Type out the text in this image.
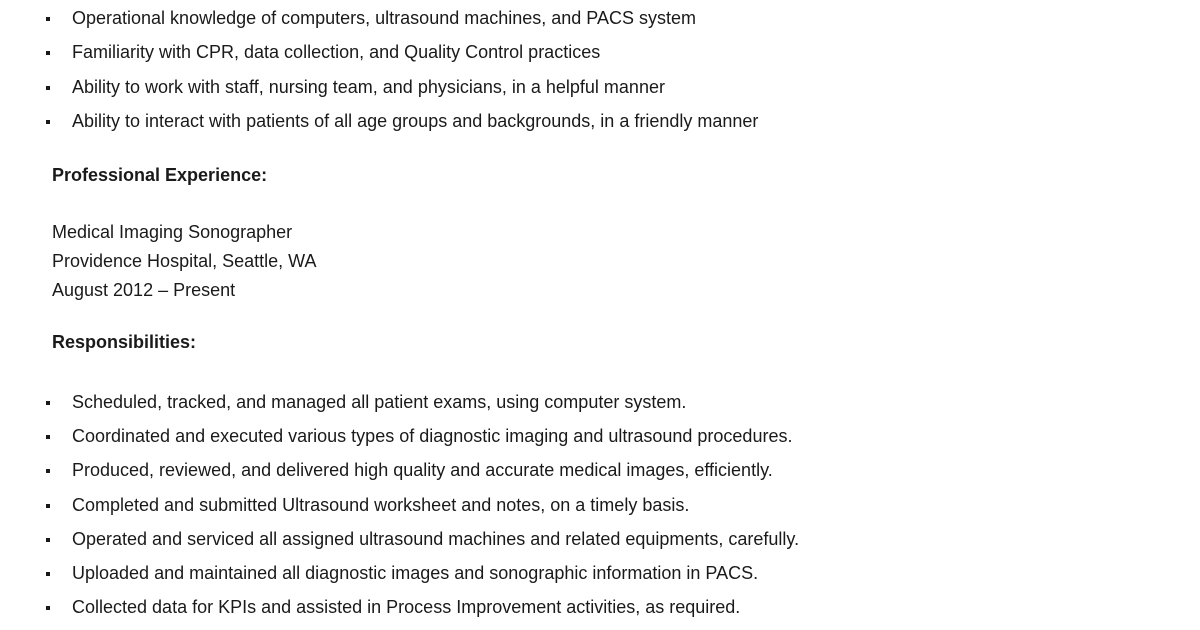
Operational knowledge of computers, ultrasound machines, and PACS system
Familiarity with CPR, data collection, and Quality Control practices
Ability to work with staff, nursing team, and physicians, in a helpful manner
Ability to interact with patients of all age groups and backgrounds, in a friendly manner
Professional Experience:
Medical Imaging Sonographer
Providence Hospital, Seattle, WA
August 2012 – Present
Responsibilities:
Scheduled, tracked, and managed all patient exams, using computer system.
Coordinated and executed various types of diagnostic imaging and ultrasound procedures.
Produced, reviewed, and delivered high quality and accurate medical images, efficiently.
Completed and submitted Ultrasound worksheet and notes, on a timely basis.
Operated and serviced all assigned ultrasound machines and related equipments, carefully.
Uploaded and maintained all diagnostic images and sonographic information in PACS.
Collected data for KPIs and assisted in Process Improvement activities, as required.
